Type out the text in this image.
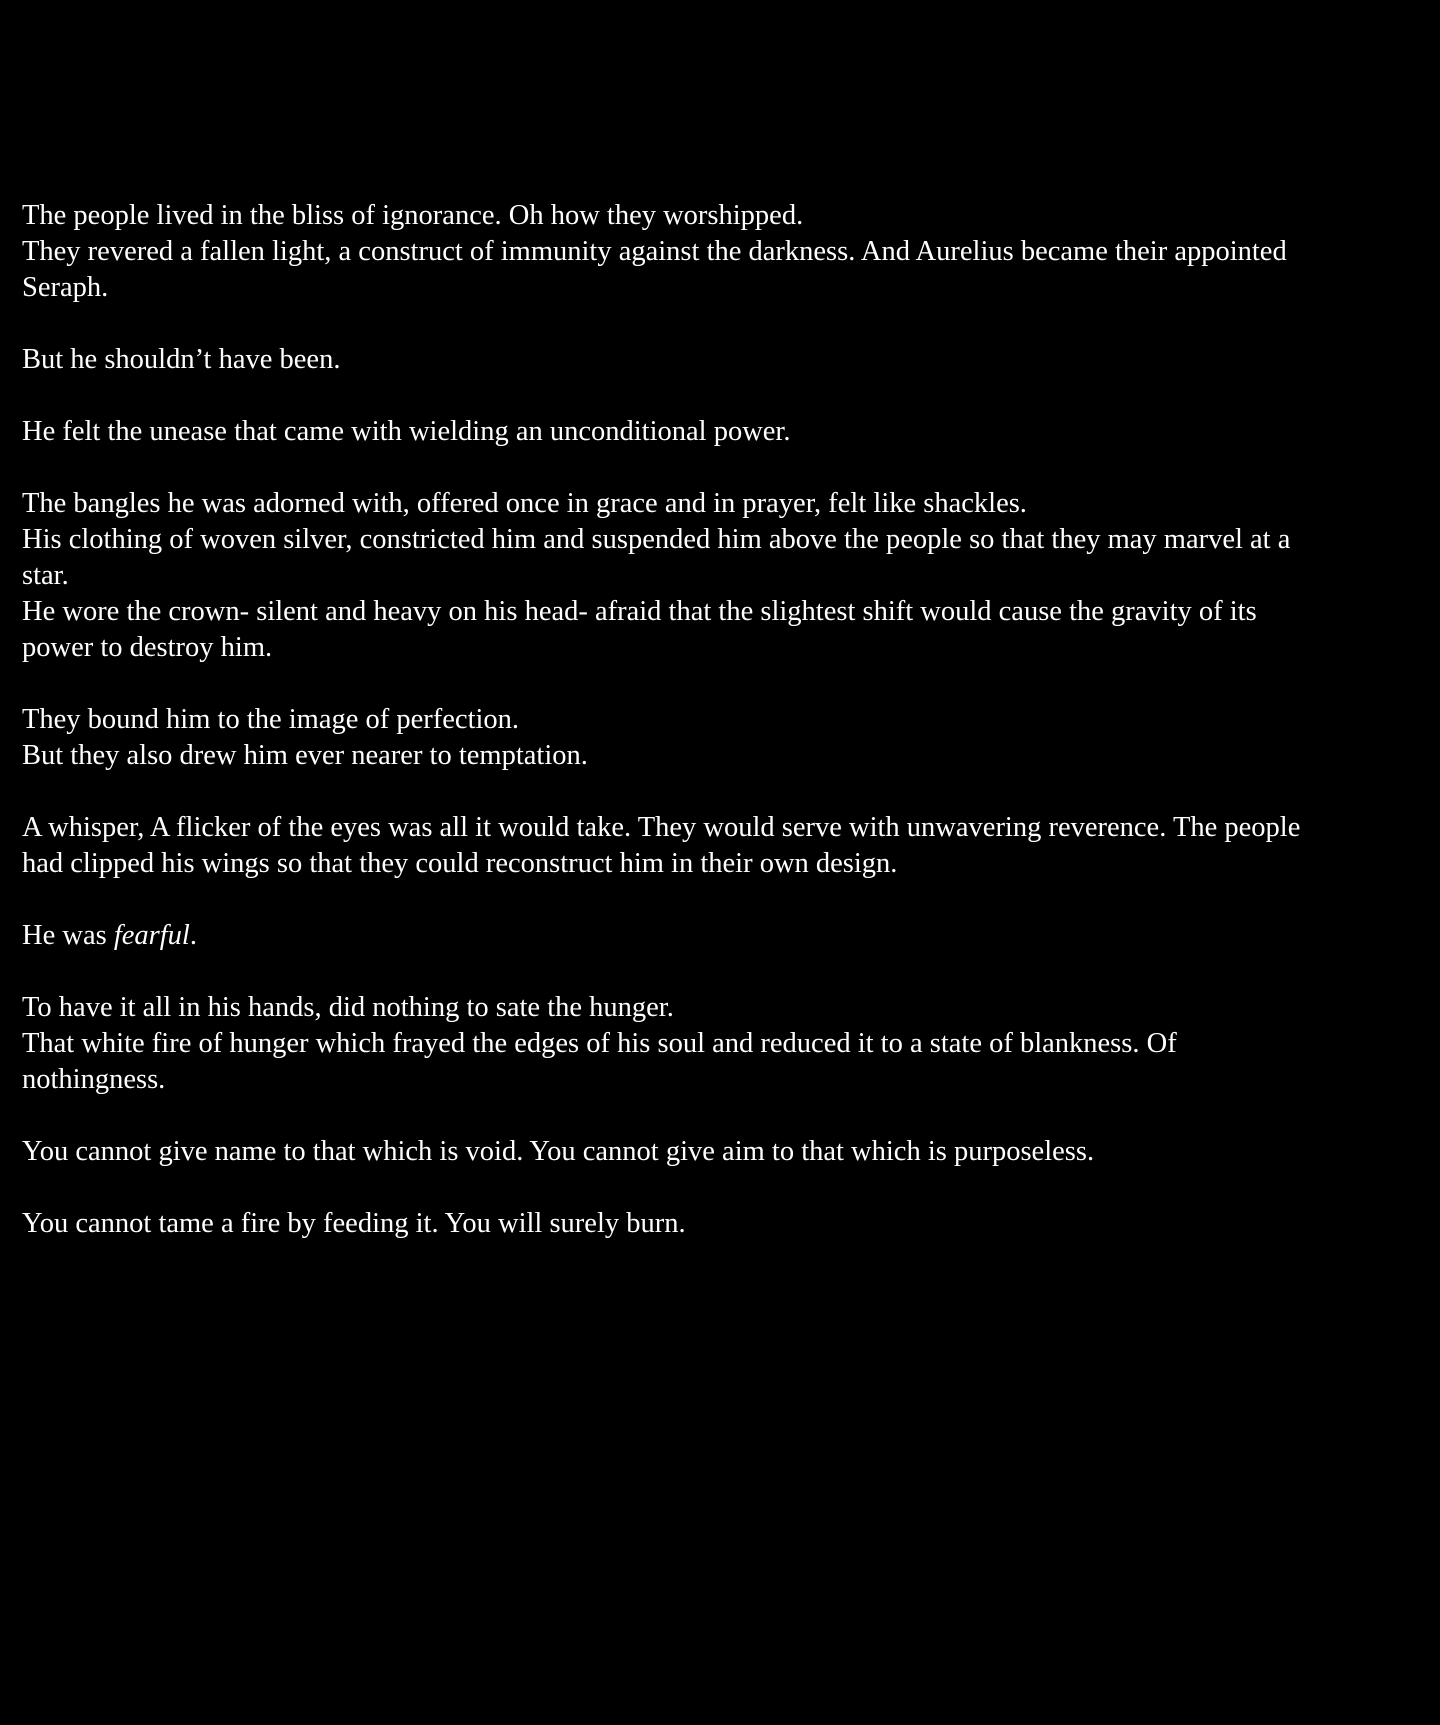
The people lived in the bliss of ignorance. Oh how they worshipped.
They revered a fallen light, a construct of immunity against the darkness. And Aurelius became their appointed Seraph.

But he shouldn’t have been.

He felt the unease that came with wielding an unconditional power.

The bangles he was adorned with, offered once in grace and in prayer, felt like shackles.
His clothing of woven silver, constricted him and suspended him above the people so that they may marvel at a star.
He wore the crown- silent and heavy on his head- afraid that the slightest shift would cause the gravity of its power to destroy him.

They bound him to the image of perfection.
But they also drew him ever nearer to temptation.

A whisper, A flicker of the eyes was all it would take. They would serve with unwavering reverence. The people had clipped his wings so that they could reconstruct him in their own design.

He was fearful.

To have it all in his hands, did nothing to sate the hunger.
That white fire of hunger which frayed the edges of his soul and reduced it to a state of blankness. Of nothingness.

You cannot give name to that which is void. You cannot give aim to that which is purposeless.

You cannot tame a fire by feeding it. You will surely burn.
